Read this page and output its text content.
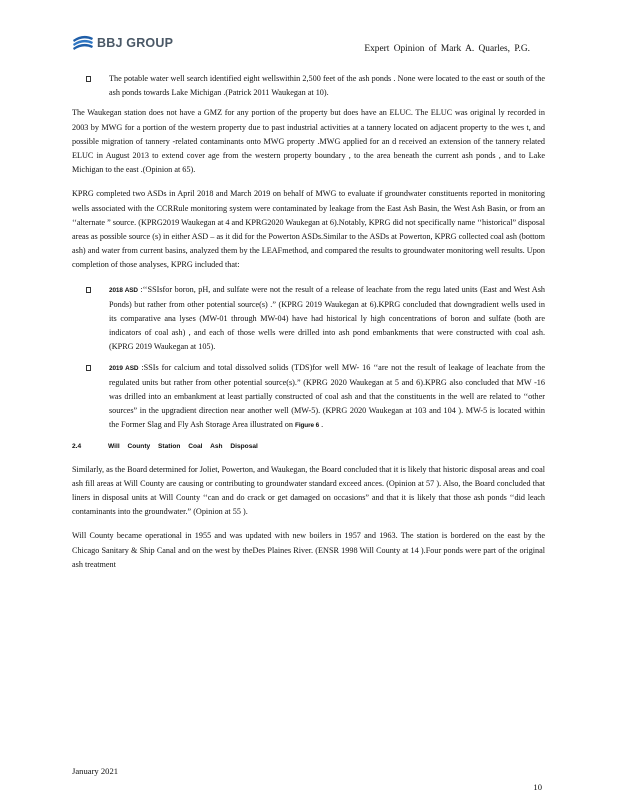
BBJ GROUP	Expert Opinion of Mark A. Quarles, P.G.
The potable water well search identified eight wellswithin 2,500 feet of the ash ponds . None were located to the east or south of the ash ponds towards Lake Michigan .(Patrick 2011 Waukegan at 10).

The Waukegan station does not have a GMZ for any portion of the property but does have an ELUC. The ELUC was original ly recorded in 2003 by MWG for a portion of the western property due to past industrial activities at a tannery located on adjacent property to the wes t, and possible migration of tannery -related contaminants onto MWG property .MWG applied for an d received an extension of the tannery related ELUC in August 2013 to extend cover age from the western property boundary , to the area beneath the current ash ponds , and to Lake Michigan to the east .(Opinion at 65).

KPRG completed two ASDs in April 2018 and March 2019 on behalf of MWG to evaluate if groundwater constituents reported in monitoring wells associated with the CCRRule monitoring system were contaminated by leakage from the East Ash Basin, the West Ash Basin, or from an ‘‘alternate ” source. (KPRG2019 Waukegan at 4 and KPRG2020 Waukegan at 6).Notably, KPRG did not specifically name ‘‘historical” disposal areas as possible source (s) in either ASD – as it did for the Powerton ASDs.Similar to the ASDs at Powerton, KPRG collected coal ash (bottom ash) and water from current basins, analyzed them by the LEAFmethod, and compared the results to groundwater monitoring well results. Upon completion of those analyses, KPRG included that:

2018 ASD :‘‘SSIsfor boron, pH, and sulfate were not the result of a release of leachate from the regu lated units (East and West Ash Ponds) but rather from other potential source(s) .” (KPRG 2019 Waukegan at 6).KPRG concluded that downgradient wells used in its comparative ana lyses (MW-01 through MW-04) have had historical ly high concentrations of boron and sulfate (both are indicators of coal ash) , and each of those wells were drilled into ash pond embankments that were constructed with coal ash. (KPRG 2019 Waukegan at 105).
2019 ASD :SSIs for calcium and total dissolved solids (TDS)for well MW- 16 ‘‘are not the result of leakage of leachate from the regulated units but rather from other potential source(s).” (KPRG 2020 Waukegan at 5 and 6).KPRG also concluded that MW -16 was drilled into an embankment at least partially constructed of coal ash and that the constituents in the well are related to ‘‘other sources” in the upgradient direction near another well (MW-5). (KPRG 2020 Waukegan at 103 and 104 ). MW-5 is located within the Former Slag and Fly Ash Storage Area illustrated on Figure 6 .
2.4	Will County Station Coal Ash Disposal

Similarly, as the Board determined for Joliet, Powerton, and Waukegan, the Board concluded that it is likely that historic disposal areas and coal ash fill areas at Will County are causing or contributing to groundwater standard exceed ances. (Opinion at 57 ). Also, the Board concluded that liners in disposal units at Will County ‘‘can and do crack or get damaged on occasions” and that it is likely that those ash ponds ‘‘did leach contaminants into the groundwater.” (Opinion at 55 ).

Will County became operational in 1955 and was updated with new boilers in 1957 and 1963. The station is bordered on the east by the Chicago Sanitary & Ship Canal and on the west by theDes Plaines River. (ENSR 1998 Will County at 14 ).Four ponds were part of the original ash treatment

January 2021
10
